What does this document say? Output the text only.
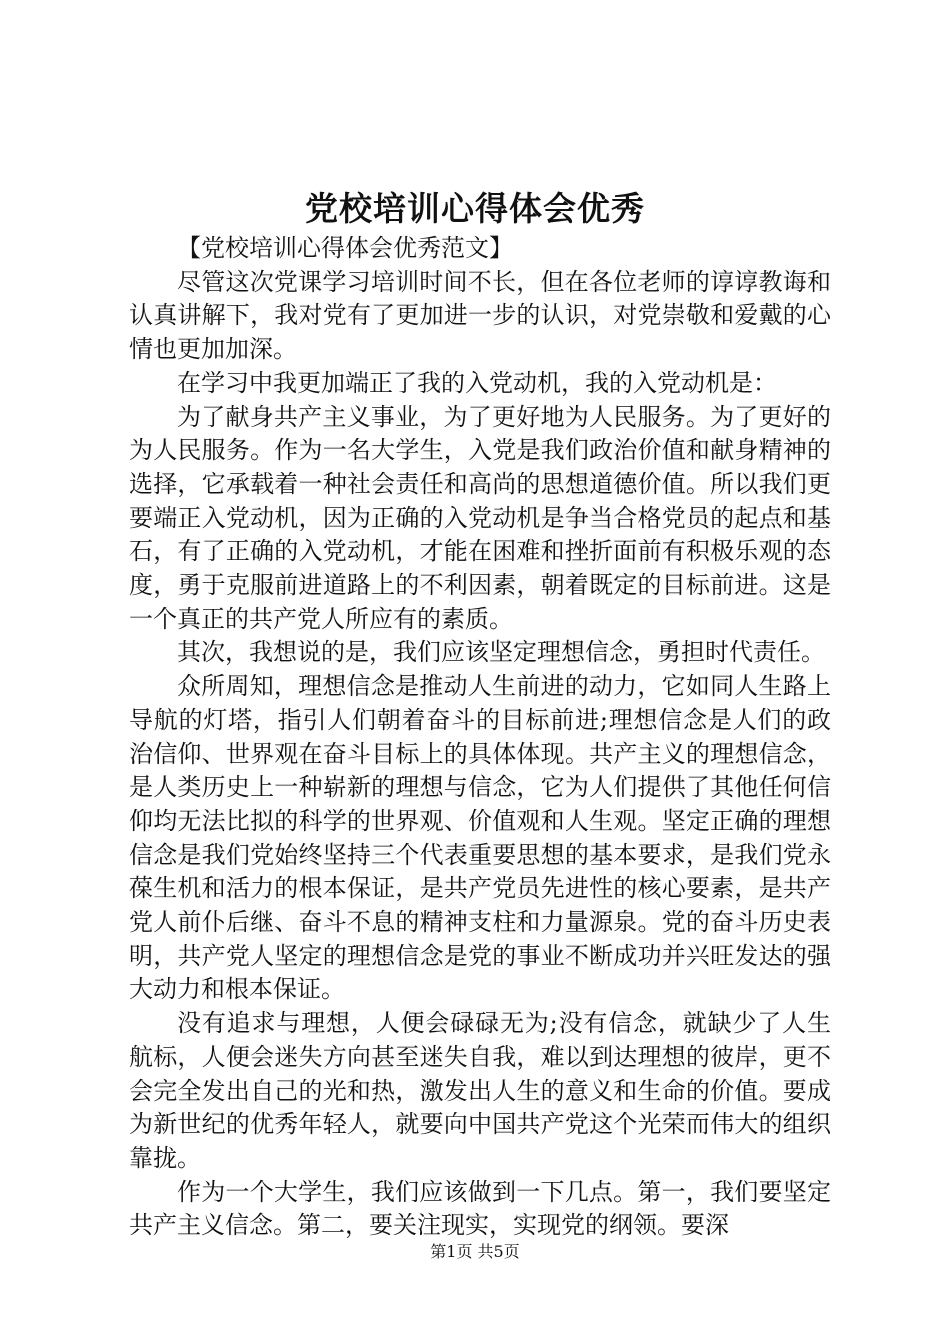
党校培训心得体会优秀

【党校培训心得体会优秀范文】

尽管这次党课学习培训时间不长，但在各位老师的谆谆教诲和认真讲解下，我对党有了更加进一步的认识，对党崇敬和爱戴的心情也更加加深。

在学习中我更加端正了我的入党动机，我的入党动机是：

为了献身共产主义事业，为了更好地为人民服务。为了更好的为人民服务。作为一名大学生，入党是我们政治价值和献身精神的选择，它承载着一种社会责任和高尚的思想道德价值。所以我们更要端正入党动机，因为正确的入党动机是争当合格党员的起点和基石，有了正确的入党动机，才能在困难和挫折面前有积极乐观的态度，勇于克服前进道路上的不利因素，朝着既定的目标前进。这是一个真正的共产党人所应有的素质。

其次，我想说的是，我们应该坚定理想信念，勇担时代责任。

众所周知，理想信念是推动人生前进的动力，它如同人生路上导航的灯塔，指引人们朝着奋斗的目标前进;理想信念是人们的政治信仰、世界观在奋斗目标上的具体体现。共产主义的理想信念，是人类历史上一种崭新的理想与信念，它为人们提供了其他任何信仰均无法比拟的科学的世界观、价值观和人生观。坚定正确的理想信念是我们党始终坚持三个代表重要思想的基本要求，是我们党永葆生机和活力的根本保证，是共产党员先进性的核心要素，是共产党人前仆后继、奋斗不息的精神支柱和力量源泉。党的奋斗历史表明，共产党人坚定的理想信念是党的事业不断成功并兴旺发达的强大动力和根本保证。

没有追求与理想，人便会碌碌无为;没有信念，就缺少了人生航标，人便会迷失方向甚至迷失自我，难以到达理想的彼岸，更不会完全发出自己的光和热，激发出人生的意义和生命的价值。要成为新世纪的优秀年轻人，就要向中国共产党这个光荣而伟大的组织靠拢。

作为一个大学生，我们应该做到一下几点。第一，我们要坚定共产主义信念。第二，要关注现实，实现党的纲领。要深

第1页 共5页
